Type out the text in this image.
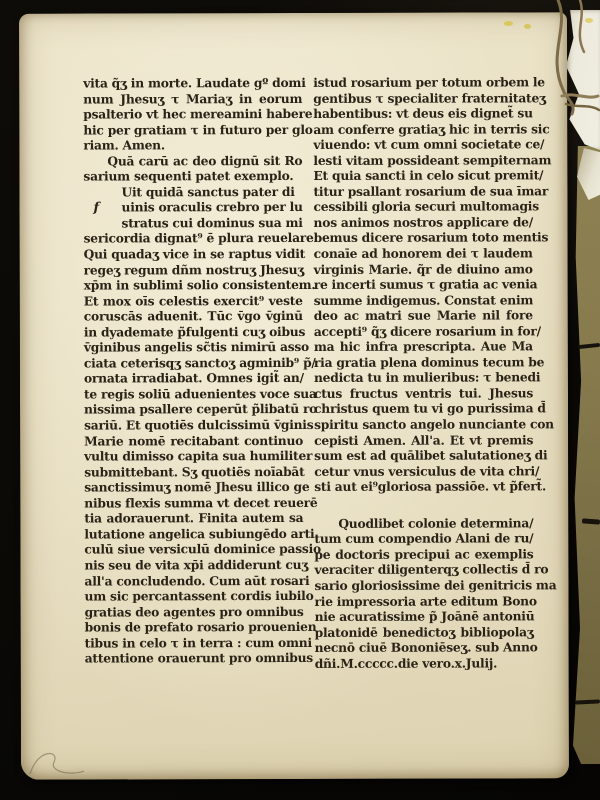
vita q̃ʒ in morte. Laudate gº domi
num Jhesuʒ τ Mariaʒ in eorum
psalterio vt hec mereamini habere
hic per gratiam τ in futuro per glo
riam. Amen.
Quā carū ac deo dignū sit Ro
sarium sequenti patet exemplo.
f
Uit quidā sanctus pater di
uinis oraculis crebro per lu
stratus cui dominus sua mi
sericordia dignat⁹ ē plura reuelare
Qui quadaʒ vice in se raptus vidit
regeʒ regum dñm nostruʒ Jhesuʒ
xp̄m in sublimi solio consistentem.
Et mox oīs celestis exercit⁹ veste
coruscās aduenit. Tūc v̄go v̄ginū
in dyademate p̃fulgenti cuʒ oibus
v̄ginibus angelis sc̃tis nimirū asso
ciata ceterisqʒ sanctoʒ agminib⁹ p̃/
ornata irradiabat. Omnes igit̃ an/
te regis soliū aduenientes voce sua
nissima psallere ceperūt p̃libatū ro
sariū. Et quotiēs dulcissimū v̄ginis
Marie nomē recitabant continuo
vultu dimisso capita sua humiliter
submittebant. Sʒ quotiēs noīabāt
sanctissimuʒ nomē Jhesu illico ge
nibus flexis summa vt decet reuerē
tia adorauerunt. Finita autem sa
lutatione angelica subiungēdo arti
culū siue versiculū dominice passio
nis seu de vita xp̄i addiderunt cuʒ
all'a concludendo. Cum aūt rosari
um sic percantassent cordis iubilo
gratias deo agentes pro omnibus
bonis de prefato rosario prouenien
tibus in celo τ in terra : cum omni
attentione orauerunt pro omnibus
istud rosarium per totum orbem le
gentibus τ specialiter fraternitateʒ
habentibus: vt deus eis dignet̃ su
am conferre gratiaʒ hic in terris sic
viuendo: vt cum omni societate ce/
lesti vitam possideant sempiternam
Et quia sancti in celo sicut premit/
titur psallant rosarium de sua īmar
cessibili gloria securi multomagis
nos animos nostros applicare de/
bemus dicere rosarium toto mentis
conaīe ad honorem dei τ laudem
virginis Marie. q̃r de diuino amo
re incerti sumus τ gratia ac venia
summe indigemus. Constat enim
deo ac matri sue Marie nil fore
accepti⁹ q̃ʒ dicere rosarium in for/
ma hic infra prescripta. Aue Ma
ria gratia plena dominus tecum be
nedicta tu in mulieribus: τ benedi
ctus fructus ventris tui. Jhesus
christus quem tu vi go purissima d̄
spiritu sancto angelo nunciante con
cepisti Amen. All'a. Et vt premis
sum est ad quālibet salutationeʒ di
cetur vnus versiculus de vita chri/
sti aut ei⁹gloriosa passiōe. vt p̃fert̃.
Quodlibet colonie determina/
tum cum compendio Alani de ru/
pe doctoris precipui ac exemplis
veraciter diligenterqʒ collectis d̄ ro
sario gloriosissime dei genitricis ma
rie impressoria arte editum Bono
nie acuratissime p̃ Joānē antoniū
platonidē benedictoʒ bibliopolaʒ
necnō ciuē Bononiēseʒ. sub Anno
dñi.M.ccccc.die vero.x.Julij.
